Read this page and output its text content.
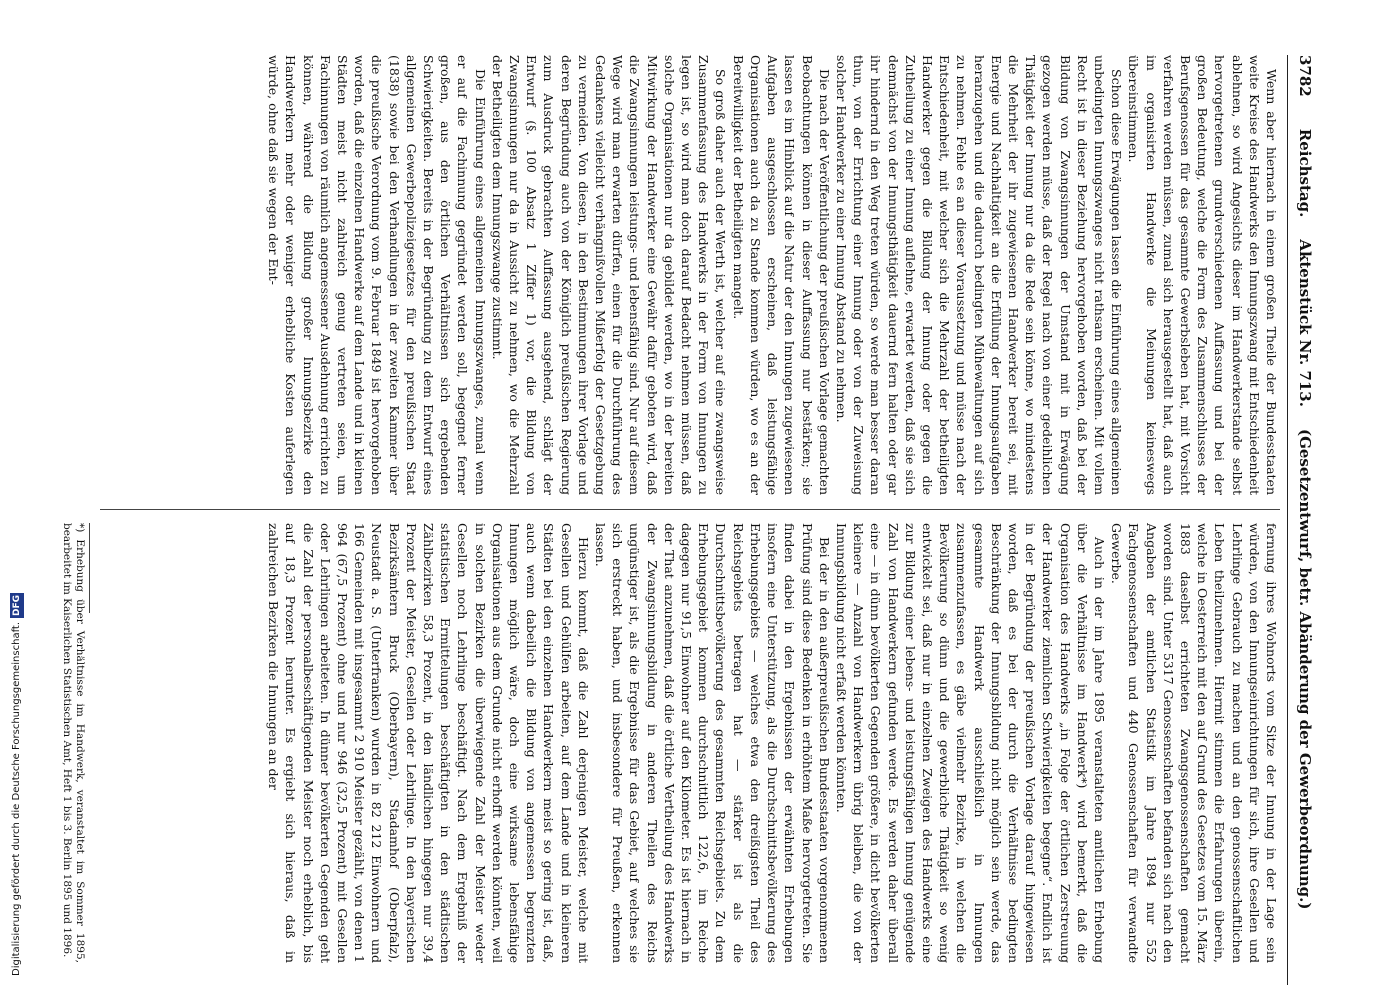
Digitalisierung gefördert durch die Deutsche Forschungsgemeinschaft.DFG
3782
Reichstag.
Aktenstück Nr. 713.
(Gesetzentwurf, betr. Abänderung der Gewerbeordnung.)

Wenn aber hiernach in einem großen Theile der Bundesstaaten weite Kreise des Handwerks den Innungszwang mit Entschiedenheit ablehnen, so wird Angesichts dieser im Handwerkerstande selbst hervorgetretenen grundverschiedenen Auffassung und bei der großen Bedeutung, welche die Form des Zusammenschlusses der Berufsgenossen für das gesammte Gewerbsleben hat, mit Vorsicht verfahren werden müssen, zumal sich herausgestellt hat, daß auch im organisirten Handwerke die Meinungen keineswegs übereinstimmen.

Schon diese Erwägungen lassen die Einführung eines allgemeinen unbedingten Innungszwanges nicht rathsam erscheinen. Mit vollem Recht ist in dieser Beziehung hervorgehoben worden, daß bei der Bildung von Zwangsinnungen der Umstand mit in Erwägung gezogen werden müsse, daß der Regel nach von einer gedeihlichen Thätigkeit der Innung nur da die Rede sein könne, wo mindestens die Mehrheit der ihr zugewiesenen Handwerker bereit sei, mit Energie und Nachhaltigkeit an die Erfüllung der Innungsaufgaben heranzugehen und die dadurch bedingten Mühewaltungen auf sich zu nehmen. Fehle es an dieser Voraussetzung und müsse nach der Entschiedenheit, mit welcher sich die Mehrzahl der betheiligten Handwerker gegen die Bildung der Innung oder gegen die Zutheilung zu einer Innung auflehne, erwartet werden, daß sie sich demnächst von der Innungsthätigkeit dauernd fern halten oder gar ihr hindernd in den Weg treten würden, so werde man besser daran thun, von der Errichtung einer Innung oder von der Zuweisung solcher Handwerker zu einer Innung Abstand zu nehmen.

Die nach der Veröffentlichung der preußischen Vorlage gemachten Beobachtungen können in dieser Auffassung nur bestärken; sie lassen es im Hinblick auf die Natur der den Innungen zugewiesenen Aufgaben ausgeschlossen erscheinen, daß leistungsfähige Organisationen auch da zu Stande kommen würden, wo es an der Bereitwilligkeit der Betheiligten mangelt.

So groß daher auch der Werth ist, welcher auf eine zwangsweise Zusammenfassung des Handwerks in der Form von Innungen zu legen ist, so wird man doch darauf Bedacht nehmen müssen, daß solche Organisationen nur da gebildet werden, wo in der bereiten Mitwirkung der Handwerker eine Gewähr dafür geboten wird, daß die Zwangsinnungen leistungs- und lebensfähig sind. Nur auf diesem Wege wird man erwarten dürfen, einen für die Durchführung des Gedankens vielleicht verhängnißvollen Mißerfolg der Gesetzgebung zu vermeiden. Von diesen, in den Bestimmungen ihrer Vorlage und deren Begründung auch von der Königlich preußischen Regierung zum Ausdruck gebrachten Auffassung ausgehend, schlägt der Entwurf (§. 100 Absatz 1 Ziffer 1) vor, die Bildung von Zwangsinnungen nur da in Aussicht zu nehmen, wo die Mehrzahl der Betheiligten dem Innungszwange zustimmt.

Die Einführung eines allgemeinen Innungszwanges, zumal wenn er auf die Fachinnung gegründet werden soll, begegnet ferner großen, aus den örtlichen Verhältnissen sich ergebenden Schwierigkeiten. Bereits in der Begründung zu dem Entwurf eines allgemeinen Gewerbepolizeigesetzes für den preußischen Staat (1838) sowie bei den Verhandlungen in der zweiten Kammer über die preußische Verordnung vom 9. Februar 1849 ist hervorgehoben worden, daß die einzelnen Handwerke auf dem Lande und in kleinen Städten meist nicht zahlreich genug vertreten seien, um Fachinnungen von räumlich angemessener Ausdehnung errichten zu können, während die Bildung großer Innungsbezirke den Handwerkern mehr oder weniger erhebliche Kosten auferlegen würde, ohne daß sie wegen der Ent-

fernung ihres Wohnorts vom Sitze der Innung in der Lage sein würden, von den Innungseinrichtungen für sich, ihre Gesellen und Lehrlinge Gebrauch zu machen und an den genossenschaftlichen Leben theilzunehmen. Hiermit stimmen die Erfahrungen überein, welche in Oesterreich mit den auf Grund des Gesetzes vom 15. März 1883 daselbst errichteten Zwangsgenossenschaften gemacht worden sind. Unter 5317 Genossenschaften befanden sich nach den Angaben der amtlichen Statistik im Jahre 1894 nur 552 Fachgenossenschaften und 440 Genossenschaften für verwandte Gewerbe.

Auch in der im Jahre 1895 veranstalteten amtlichen Erhebung über die Verhältnisse im Handwerk*) wird bemerkt, daß die Organisation des Handwerks „in Folge der örtlichen Zerstreuung der Handwerker ziemlichen Schwierigkeiten begegne“. Endlich ist in der Begründung der preußischen Vorlage darauf hingewiesen worden, daß es bei der durch die Verhältnisse bedingten Beschränkung der Innungsbildung nicht möglich sein werde, das gesammte Handwerk ausschließlich in Innungen zusammenzufassen, es gäbe vielmehr Bezirke, in welchen die Bevölkerung so dünn und die gewerbliche Thätigkeit so wenig entwickelt sei, daß nur in einzelnen Zweigen des Handwerks eine zur Bildung einer lebens- und leistungsfähigen Innung genügende Zahl von Handwerkern gefunden werde. Es werden daher überall eine — in dünn bevölkerten Gegenden größere, in dicht bevölkerten kleinere — Anzahl von Handwerkern übrig bleiben, die von der Innungsbildung nicht erfaßt werden könnten.

Bei der in den außerpreußischen Bundesstaaten vorgenommenen Prüfung sind diese Bedenken in erhöhtem Maße hervorgetreten. Sie finden dabei in den Ergebnissen der erwähnten Erhebungen insofern eine Unterstützung, als die Durchschnittsbevölkerung des Erhebungsgebiets — welches etwa den dreißigsten Theil des Reichsgebiets betragen hat — stärker ist als die Durchschnittsbevölkerung des gesammten Reichsgebiets. Zu dem Erhebungsgebiet kommen durchschnittlich 122,6, im Reiche dagegen nur 91,5 Einwohner auf den Kilometer. Es ist hiernach in der That anzunehmen, daß die örtliche Vertheilung des Handwerks der Zwangsinnungsbildung in anderen Theilen des Reichs ungünstiger ist, als die Ergebnisse für das Gebiet, auf welches sie sich erstreckt haben, und insbesondere für Preußen, erkennen lassen.

Hierzu kommt, daß die Zahl derjenigen Meister, welche mit Gesellen und Gehülfen arbeiten, auf dem Lande und in kleineren Städten bei den einzelnen Handwerkern meist so gering ist, daß, auch wenn dabeilich die Bildung von angemessen begrenzten Innungen möglich wäre, doch eine wirksame lebensfähige Organisationen aus dem Grunde nicht erhofft werden könnten, weil in solchen Bezirken die überwiegende Zahl der Meister weder Gesellen noch Lehrlinge beschäftigt. Nach dem Ergebniß der statistischen Ermittelungen beschäftigten in den städtischen Zählbezirken 58,3 Prozent, in den ländlichen hingegen nur 39,4 Prozent der Meister, Gesellen oder Lehrlinge. In den bayerischen Bezirksämtern Bruck (Oberbayern), Stadamhof (Oberpfalz), Neustadt a. S. (Unterfranken) wurden in 82 212 Einwohnern und 166 Gemeinden mit insgesammt 2 910 Meister gezählt, von denen 1 964 (67,5 Prozent) ohne und nur 946 (32,5 Prozent) mit Gesellen oder Lehrlingen arbeiteten. In dünner bevölkerten Gegenden geht die Zahl der personalbeschäftigenden Meister noch erheblich, bis auf 18,3 Prozent herunter. Es ergiebt sich hieraus, daß in zahlreichen Bezirken die Innungen an der

*) Erhebung über Verhältnisse im Handwerk, veranstaltet im Sommer 1895, bearbeitet im Kaiserlichen Statistischen Amt, Heft 1 bis 3. Berlin 1895 und 1896.
